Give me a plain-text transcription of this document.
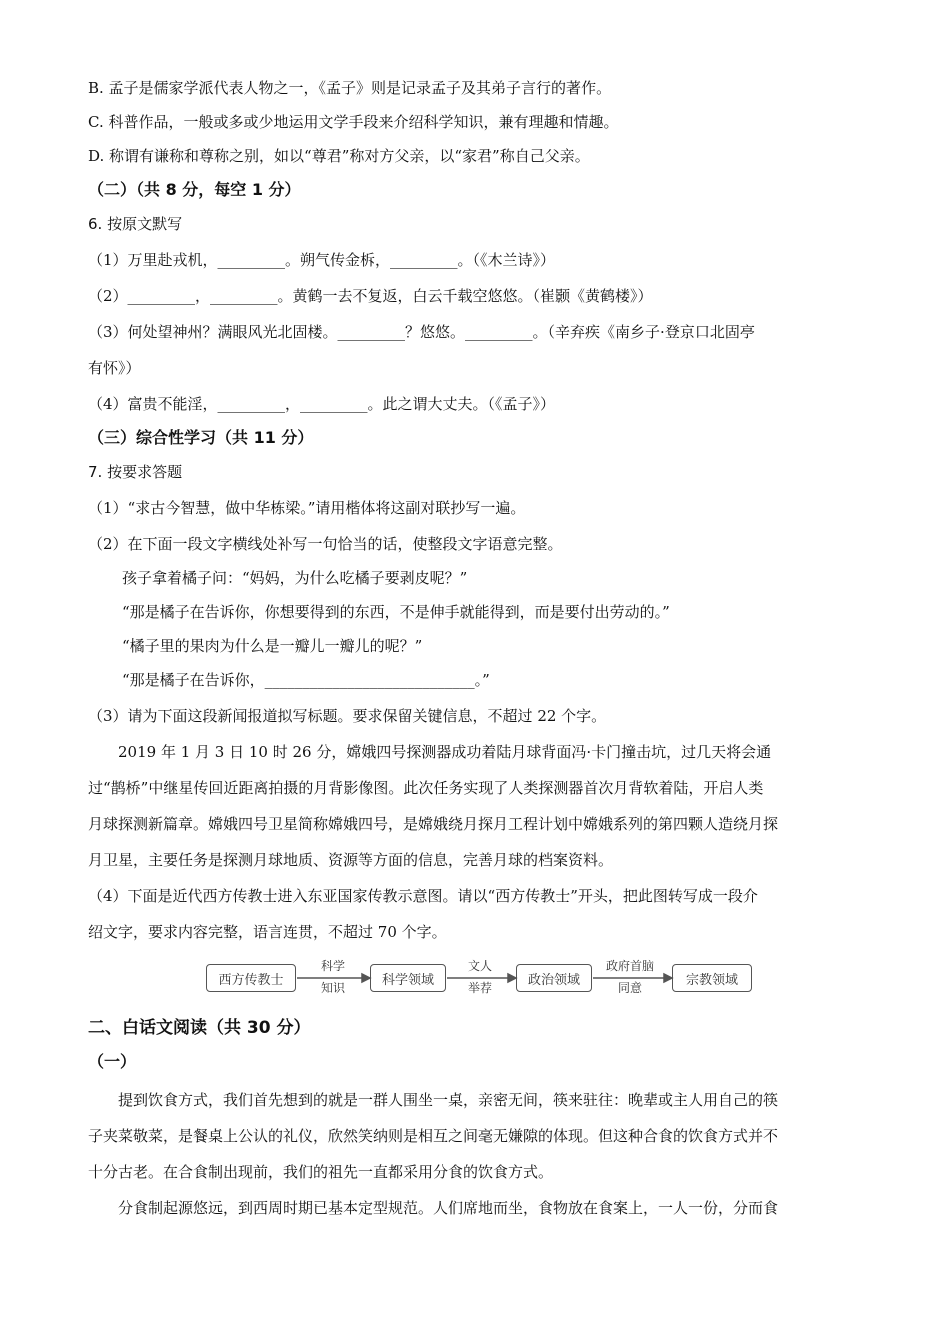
B. 孟子是儒家学派代表人物之一，《孟子》则是记录孟子及其弟子言行的著作。
C. 科普作品，一般或多或少地运用文学手段来介绍科学知识，兼有理趣和情趣。
D. 称谓有谦称和尊称之别，如以“尊君”称对方父亲，以“家君”称自己父亲。
（二）（共 8 分，每空 1 分）
6. 按原文默写
（1）万里赴戎机，_________。朔气传金柝，_________。（《木兰诗》）
（2）_________，_________。黄鹤一去不复返，白云千载空悠悠。（崔颢《黄鹤楼》）
（3）何处望神州？满眼风光北固楼。_________？悠悠。_________。（辛弃疾《南乡子·登京口北固亭
有怀》）
（4）富贵不能淫，_________，_________。此之谓大丈夫。（《孟子》）
（三）综合性学习（共 11 分）
7. 按要求答题
（1）“求古今智慧，做中华栋梁。”请用楷体将这副对联抄写一遍。
（2）在下面一段文字横线处补写一句恰当的话，使整段文字语意完整。
孩子拿着橘子问：“妈妈，为什么吃橘子要剥皮呢？”
“那是橘子在告诉你，你想要得到的东西，不是伸手就能得到，而是要付出劳动的。”
“橘子里的果肉为什么是一瓣儿一瓣儿的呢？”
“那是橘子在告诉你，____________________________。”
（3）请为下面这段新闻报道拟写标题。要求保留关键信息，不超过 22 个字。
2019 年 1 月 3 日 10 时 26 分，嫦娥四号探测器成功着陆月球背面冯·卡门撞击坑，过几天将会通
过“鹊桥”中继星传回近距离拍摄的月背影像图。此次任务实现了人类探测器首次月背软着陆，开启人类
月球探测新篇章。嫦娥四号卫星简称嫦娥四号，是嫦娥绕月探月工程计划中嫦娥系列的第四颗人造绕月探
月卫星，主要任务是探测月球地质、资源等方面的信息，完善月球的档案资料。
（4）下面是近代西方传教士进入东亚国家传教示意图。请以“西方传教士”开头，把此图转写成一段介
绍文字，要求内容完整，语言连贯，不超过 70 个字。
西方传教士	科学领域	政治领域	宗教领域
科学
知识
文人
举荐
政府首脑
同意
二、白话文阅读（共 30 分）
（一）
提到饮食方式，我们首先想到的就是一群人围坐一桌，亲密无间，筷来驻往：晚辈或主人用自己的筷
子夹菜敬菜，是餐桌上公认的礼仪，欣然笑纳则是相互之间毫无嫌隙的体现。但这种合食的饮食方式并不
十分古老。在合食制出现前，我们的祖先一直都采用分食的饮食方式。
分食制起源悠远，到西周时期已基本定型规范。人们席地而坐，食物放在食案上，一人一份，分而食
